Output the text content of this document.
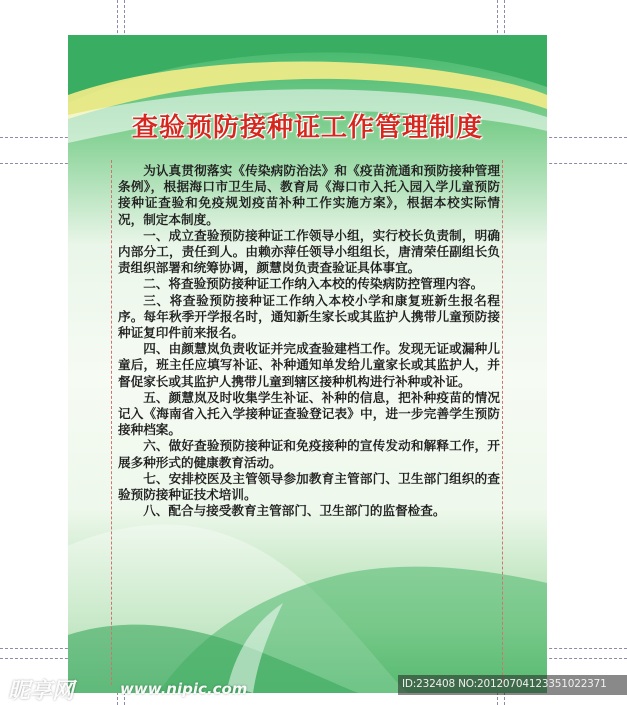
查验预防接种证工作管理制度

为认真贯彻落实《传染病防治法》和《疫苗流通和预防接种管理条例》，根据海口市卫生局、教育局《海口市入托入园入学儿童预防接种证查验和免疫规划疫苗补种工作实施方案》，根据本校实际情况，制定本制度。

一、成立查验预防接种证工作领导小组，实行校长负责制，明确内部分工，责任到人。由赖亦萍任领导小组组长，唐清荣任副组长负责组织部署和统筹协调，颜慧岗负责查验证具体事宜。

二、将查验预防接种证工作纳入本校的传染病防控管理内容。

三、将查验预防接种证工作纳入本校小学和康复班新生报名程序。每年秋季开学报名时，通知新生家长或其监护人携带儿童预防接种证复印件前来报名。

四、由颜慧岚负责收证并完成查验建档工作。发现无证或漏种儿童后，班主任应填写补证、补种通知单发给儿童家长或其监护人，并督促家长或其监护人携带儿童到辖区接种机构进行补种或补证。

五、颜慧岚及时收集学生补证、补种的信息，把补种疫苗的情况记入《海南省入托入学接种证查验登记表》中，进一步完善学生预防接种档案。

六、做好查验预防接种证和免疫接种的宣传发动和解释工作，开展多种形式的健康教育活动。

七、安排校医及主管领导参加教育主管部门、卫生部门组织的查验预防接种证技术培训。

八、配合与接受教育主管部门、卫生部门的监督检查。

昵享网	www.nipic.com	ID:232408 NO:20120704123351022371
